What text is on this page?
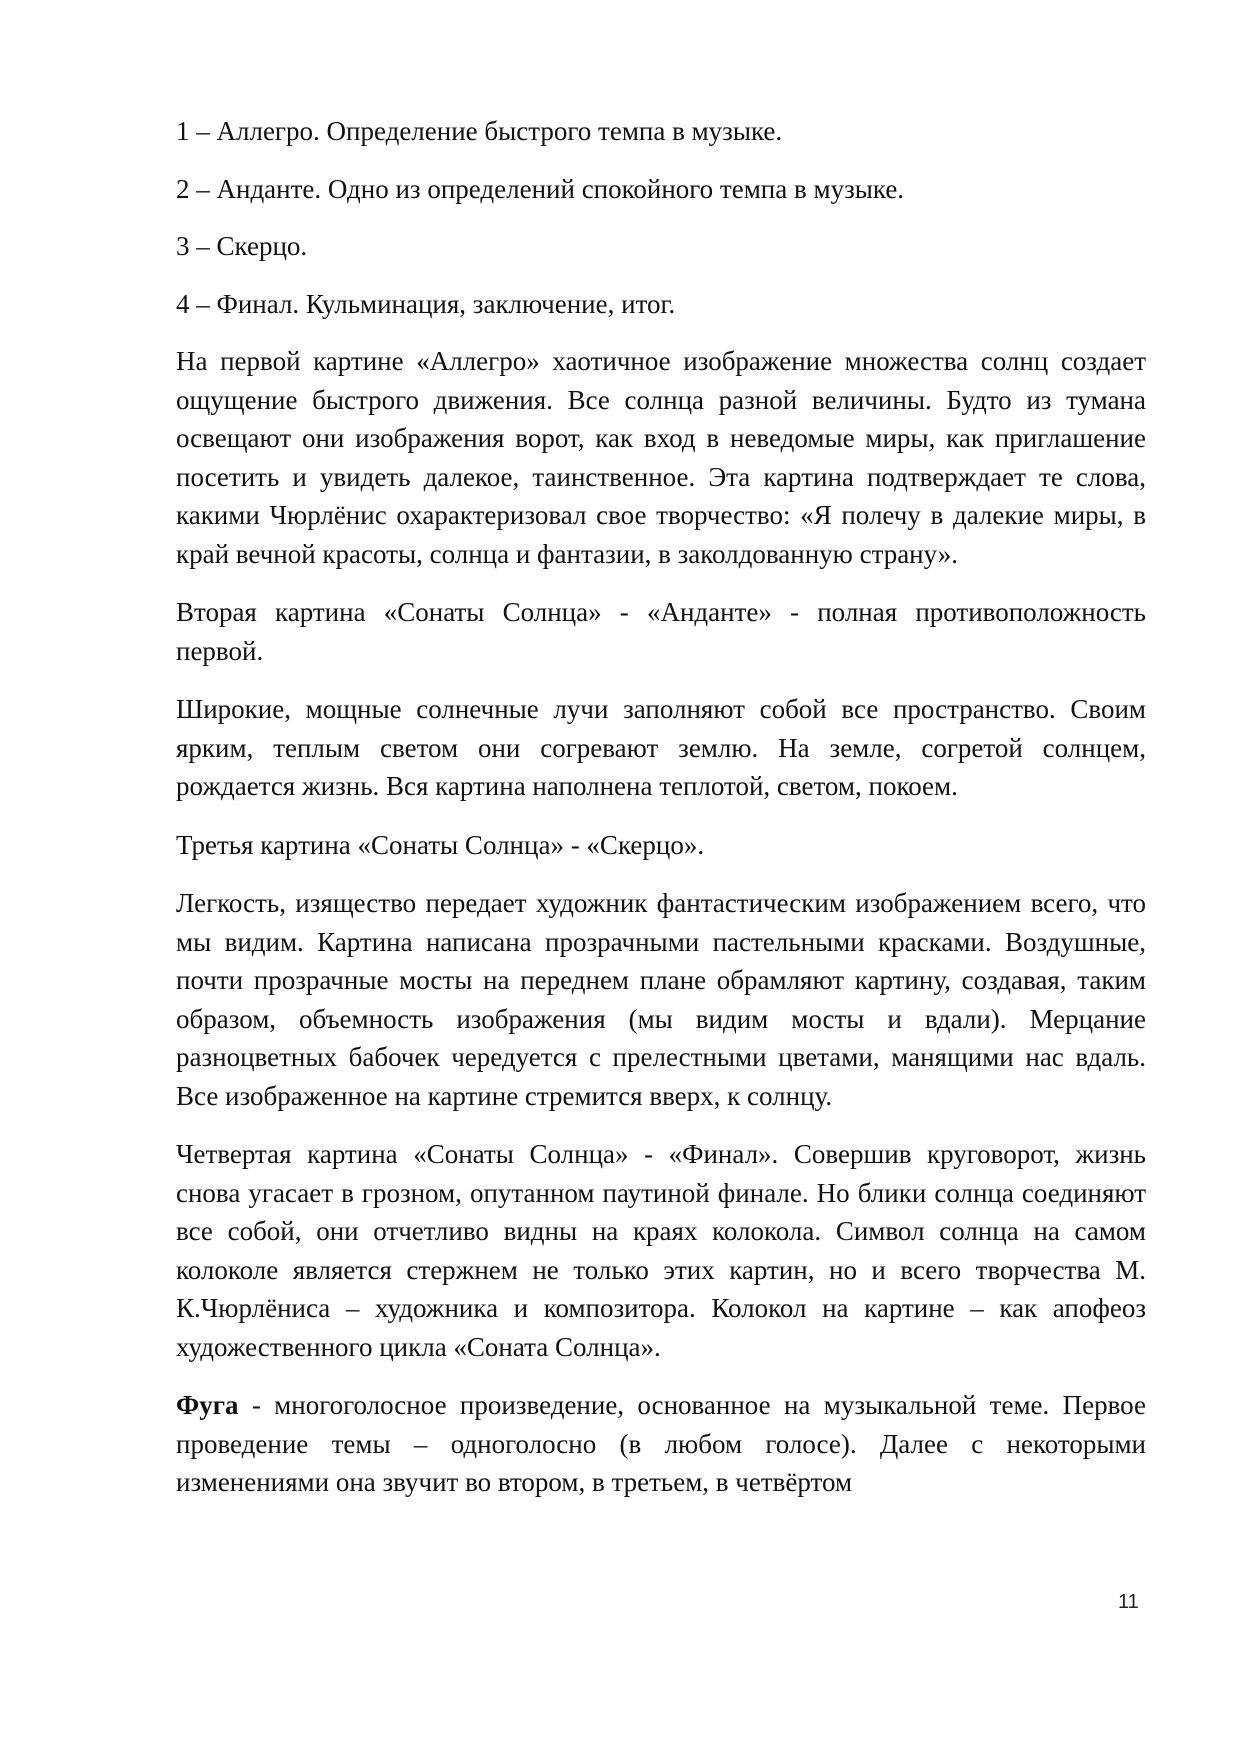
1 – Аллегро. Определение быстрого темпа в музыке.

2 – Анданте. Одно из определений спокойного темпа в музыке.

3 – Скерцо.

4 – Финал. Кульминация, заключение, итог.

На первой картине «Аллегро» хаотичное изображение множества солнц создает ощущение быстрого движения. Все солнца разной величины. Будто из тумана освещают они изображения ворот, как вход в неведомые миры, как приглашение посетить и увидеть далекое, таинственное. Эта картина подтверждает те слова, какими Чюрлёнис охарактеризовал свое творчество: «Я полечу в далекие миры, в край вечной красоты, солнца и фантазии, в заколдованную страну».

Вторая картина «Сонаты Солнца» - «Анданте» - полная противоположность первой.

Широкие, мощные солнечные лучи заполняют собой все пространство. Своим ярким, теплым светом они согревают землю. На земле, согретой солнцем, рождается жизнь. Вся картина наполнена теплотой, светом, покоем.

Третья картина «Сонаты Солнца» - «Скерцо».

Легкость, изящество передает художник фантастическим изображением всего, что мы видим. Картина написана прозрачными пастельными красками. Воздушные, почти прозрачные мосты на переднем плане обрамляют картину, создавая, таким образом, объемность изображения (мы видим мосты и вдали). Мерцание разноцветных бабочек чередуется с прелестными цветами, манящими нас вдаль. Все изображенное на картине стремится вверх, к солнцу.

Четвертая картина «Сонаты Солнца» - «Финал». Совершив круговорот, жизнь снова угасает в грозном, опутанном паутиной финале. Но блики солнца соединяют все собой, они отчетливо видны на краях колокола. Символ солнца на самом колоколе является стержнем не только этих картин, но и всего творчества М. К.Чюрлёниса – художника и композитора. Колокол на картине – как апофеоз художественного цикла «Соната Солнца».

Фуга - многоголосное произведение, основанное на музыкальной теме. Первое проведение темы – одноголосно (в любом голосе). Далее с некоторыми изменениями она звучит во втором, в третьем, в четвёртом

11
